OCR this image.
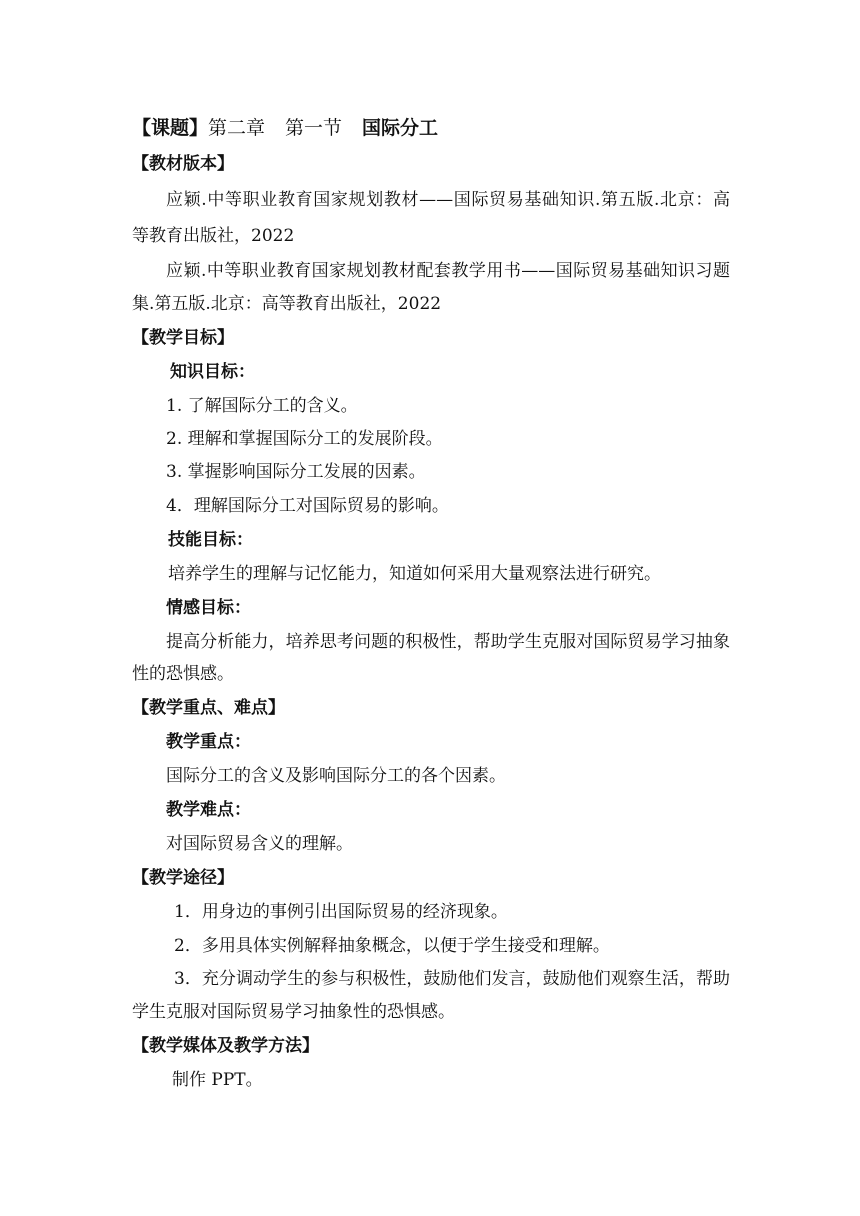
【课题】第二章 第一节 国际分工
【教材版本】
应颖.中等职业教育国家规划教材——国际贸易基础知识.第五版.北京：高
等教育出版社，2022
应颖.中等职业教育国家规划教材配套教学用书——国际贸易基础知识习题
集.第五版.北京：高等教育出版社，2022
【教学目标】
知识目标：
1. 了解国际分工的含义。
2. 理解和掌握国际分工的发展阶段。
3. 掌握影响国际分工发展的因素。
4．理解国际分工对国际贸易的影响。
技能目标：
培养学生的理解与记忆能力，知道如何采用大量观察法进行研究。
情感目标：
提高分析能力，培养思考问题的积极性，帮助学生克服对国际贸易学习抽象
性的恐惧感。
【教学重点、难点】
教学重点：
国际分工的含义及影响国际分工的各个因素。
教学难点：
对国际贸易含义的理解。
【教学途径】
1．用身边的事例引出国际贸易的经济现象。
2．多用具体实例解释抽象概念，以便于学生接受和理解。
3．充分调动学生的参与积极性，鼓励他们发言，鼓励他们观察生活，帮助
学生克服对国际贸易学习抽象性的恐惧感。
【教学媒体及教学方法】
制作 PPT。
